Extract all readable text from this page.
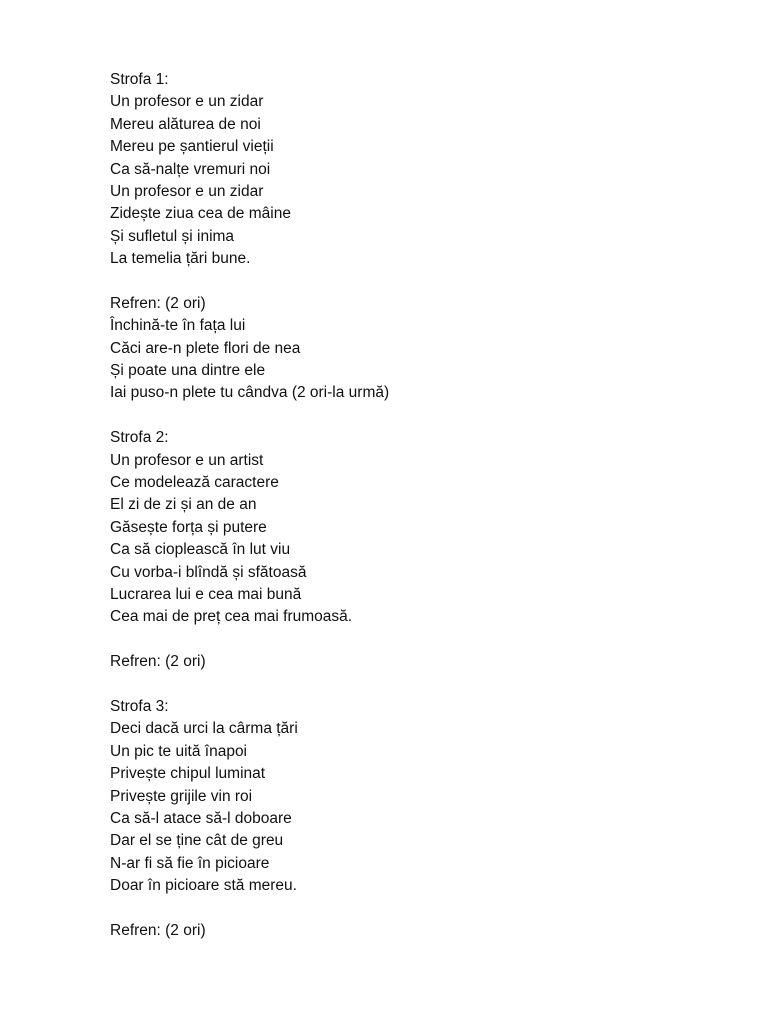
Strofa 1:
Un profesor e un zidar
Mereu alăturea de noi
Mereu pe șantierul vieții
Ca să-nalțe vremuri noi
Un profesor e un zidar
Zidește ziua cea de mâine
Și sufletul și inima
La temelia țări bune.
Refren: (2 ori)
Închină-te în fața lui
Căci are-n plete flori de nea
Și poate una dintre ele
Iai puso-n plete tu cândva (2 ori-la urmă)
Strofa 2:
Un profesor e un artist
Ce modelează caractere
El zi de zi și an de an
Găsește forța și putere
Ca să cioplească în lut viu
Cu vorba-i blîndă și sfătoasă
Lucrarea lui e cea mai bună
Cea mai de preț cea mai frumoasă.
Refren: (2 ori)
Strofa 3:
Deci dacă urci la cârma țări
Un pic te uită înapoi
Privește chipul luminat
Privește grijile vin roi
Ca să-l atace să-l doboare
Dar el se ține cât de greu
N-ar fi să fie în picioare
Doar în picioare stă mereu.
Refren: (2 ori)
